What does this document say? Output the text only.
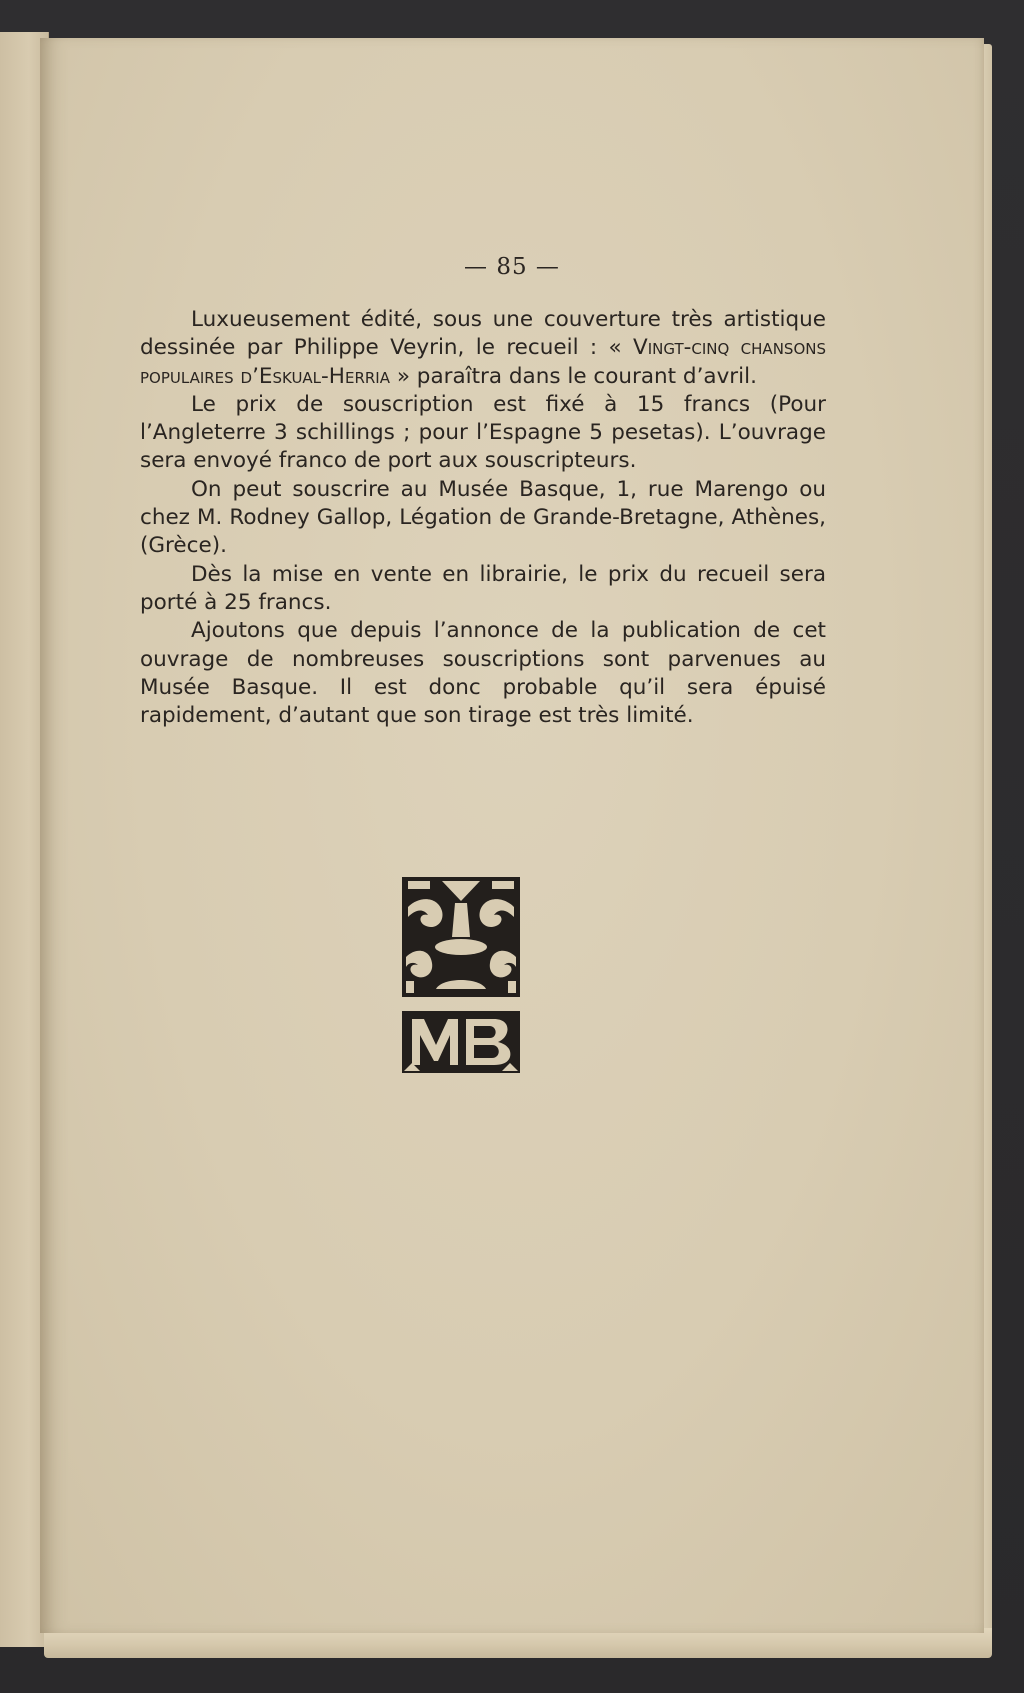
— 85 —

Luxueusement édité, sous une couverture très artistique dessinée par Philippe Veyrin, le recueil : « Vingt-cinq chansons populaires d’Eskual-Herria » paraîtra dans le courant d’avril.

Le prix de souscription est fixé à 15 francs (Pour l’Angleterre 3 schillings ; pour l’Espagne 5 pesetas). L’ouvrage sera envoyé franco de port aux souscripteurs.

On peut souscrire au Musée Basque, 1, rue Marengo ou chez M. Rodney Gallop, Légation de Grande-Bretagne, Athènes, (Grèce).

Dès la mise en vente en librairie, le prix du recueil sera porté à 25 francs.

Ajoutons que depuis l’annonce de la publication de cet ouvrage de nombreuses souscriptions sont parvenues au Musée Basque. Il est donc probable qu’il sera épuisé rapidement, d’autant que son tirage est très limité.
